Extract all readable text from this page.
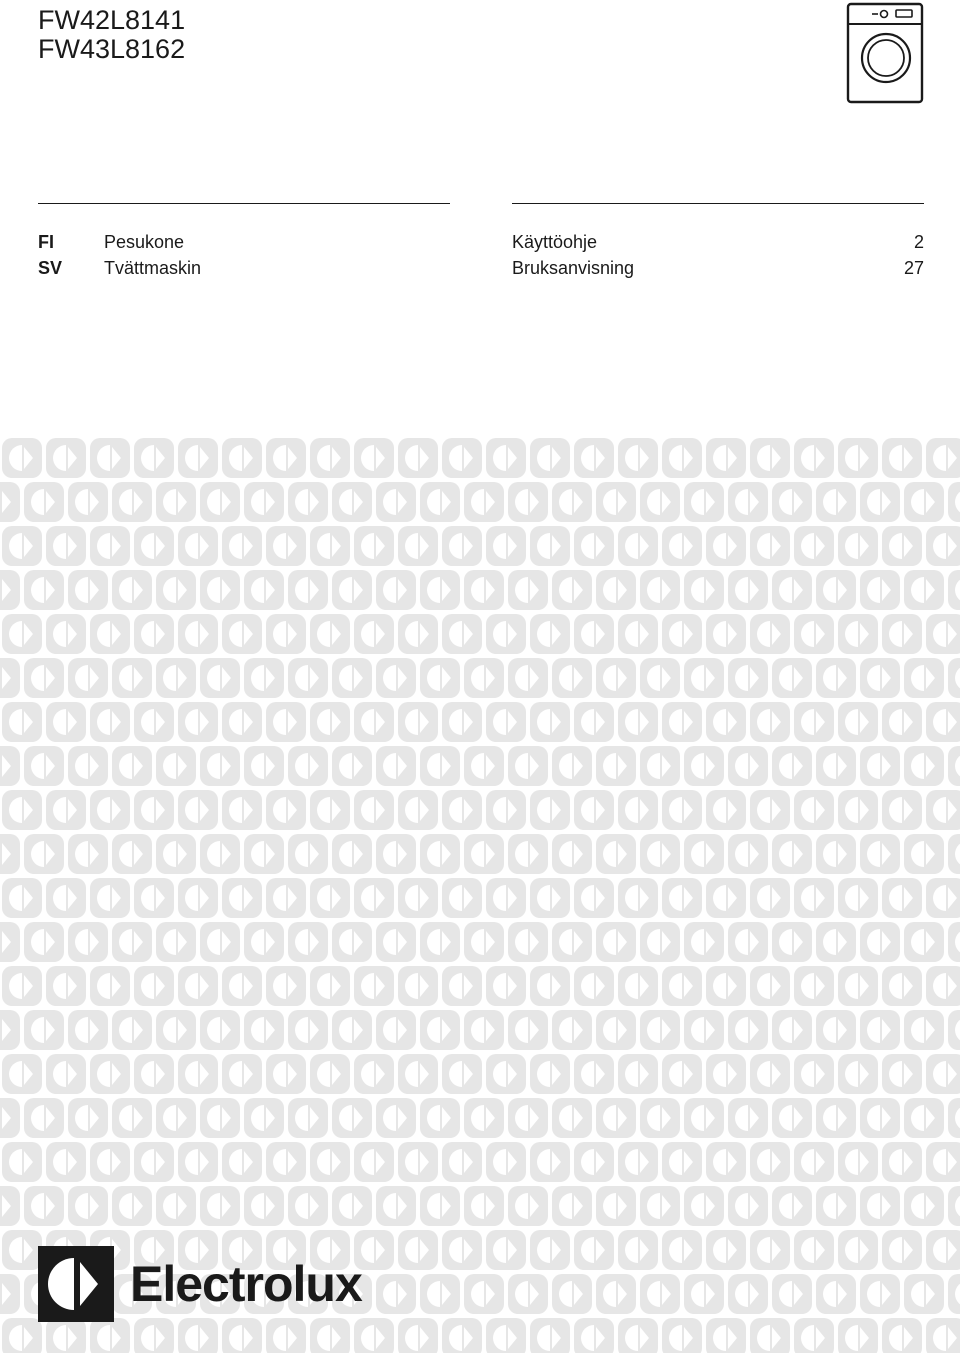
FW42L8141
FW43L8162
FI	Pesukone	Käyttöohje	2
SV Tvättmaskin	Bruksanvisning	27
Electrolux
